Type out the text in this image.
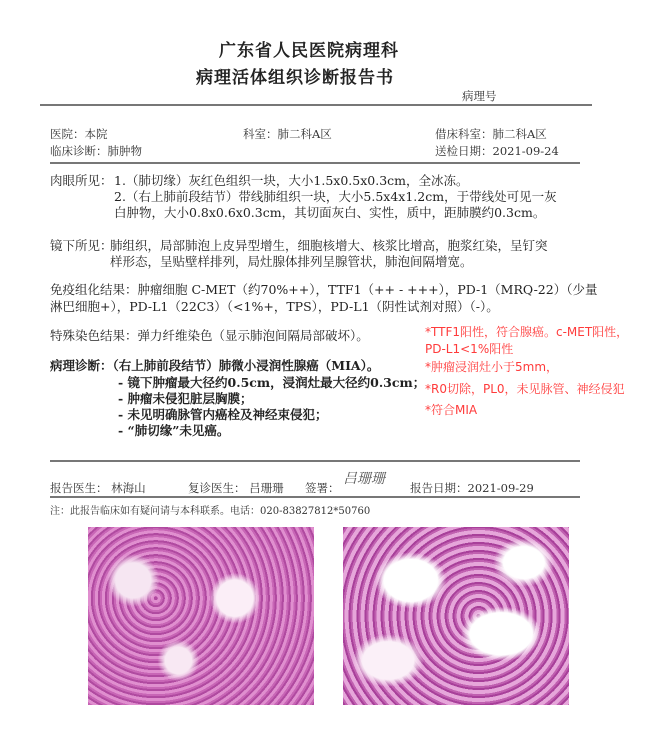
广东省人民医院病理科
病理活体组织诊断报告书
病理号
医院：本院	科室：肺二科A区	借床科室：肺二科A区
临床诊断：肺肿物	送检日期：2021-09-24
肉眼所见： 1.（肺切缘）灰红色组织一块，大小1.5x0.5x0.3cm，全冰冻。
2.（右上肺前段结节）带线肺组织一块，大小5.5x4x1.2cm，于带线处可见一灰
白肿物，大小0.8x0.6x0.3cm，其切面灰白、实性，质中，距肺膜约0.3cm。
镜下所见：
肺组织，局部肺泡上皮异型增生，细胞核增大、核浆比增高，胞浆红染，呈钉突
样形态，呈贴壁样排列，局灶腺体排列呈腺管状，肺泡间隔增宽。
免疫组化结果：肿瘤细胞 C-MET（约70%++），TTF1（++ - +++），PD-1（MRQ-22）（少量
淋巴细胞+），PD-L1（22C3）（<1%+，TPS），PD-L1（阴性试剂对照）（-）。
特殊染色结果：弹力纤维染色（显示肺泡间隔局部破坏）。
病理诊断：（右上肺前段结节）肺微小浸润性腺癌（MIA）。
- 镜下肿瘤最大径约0.5cm，浸润灶最大径约0.3cm；
- 肿瘤未侵犯脏层胸膜；
- 未见明确脉管内癌栓及神经束侵犯；
- “肺切缘”未见癌。
*TTF1阳性，符合腺癌。c-MET阳性，
PD-L1<1%阳性
*肿瘤浸润灶小于5mm，
*R0切除，PL0，未见脉管、神经侵犯
*符合MIA
报告医生： 林海山	复诊医生： 吕珊珊 签署：
吕珊珊
报告日期：2021-09-29
注：此报告临床如有疑问请与本科联系。电话：020-83827812*50760
